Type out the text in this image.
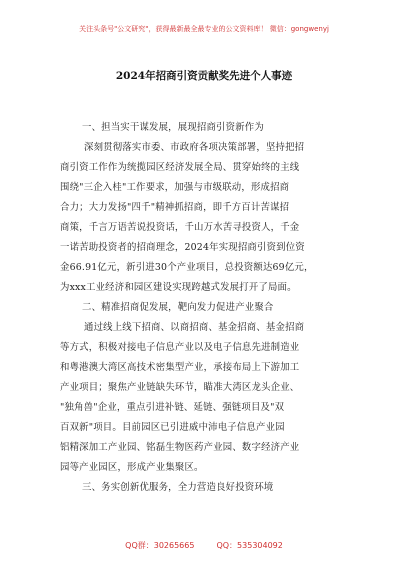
关注头条号"公文研究"，获得最新最全最专业的公文资料库！ 微信：gongwenyj
2024年招商引资贡献奖先进个人事迹
一、担当实干谋发展，展现招商引资新作为
深刻贯彻落实市委、市政府各项决策部署，坚持把招
商引资工作作为统揽园区经济发展全局、贯穿始终的主线
围绕"三企入桂"工作要求，加强与市级联动，形成招商
合力；大力发扬"四千"精神抓招商，即千方百计苦谋招
商策，千言万语苦说投资话，千山万水苦寻投资人，千金
一诺苦助投资者的招商理念，2024年实现招商引资到位资
金66.91亿元，新引进30个产业项目，总投资额达69亿元，
为xxx工业经济和园区建设实现跨越式发展打开了局面。
二、精准招商促发展，靶向发力促进产业聚合
通过线上线下招商、以商招商、基金招商、基金招商
等方式，积极对接电子信息产业以及电子信息先进制造业
和粤港澳大湾区高技术密集型产业，承接布局上下游加工
产业项目；聚焦产业链缺失环节，瞄准大湾区龙头企业、
"独角兽"企业，重点引进补链、延链、强链项目及"双
百双新"项目。目前园区已引进威中沛电子信息产业园
铝精深加工产业园、铭磊生物医药产业园、数字经济产业
园等产业园区，形成产业集聚区。
三、务实创新优服务，全力营造良好投资环境
QQ群：30265665	QQ：535304092
